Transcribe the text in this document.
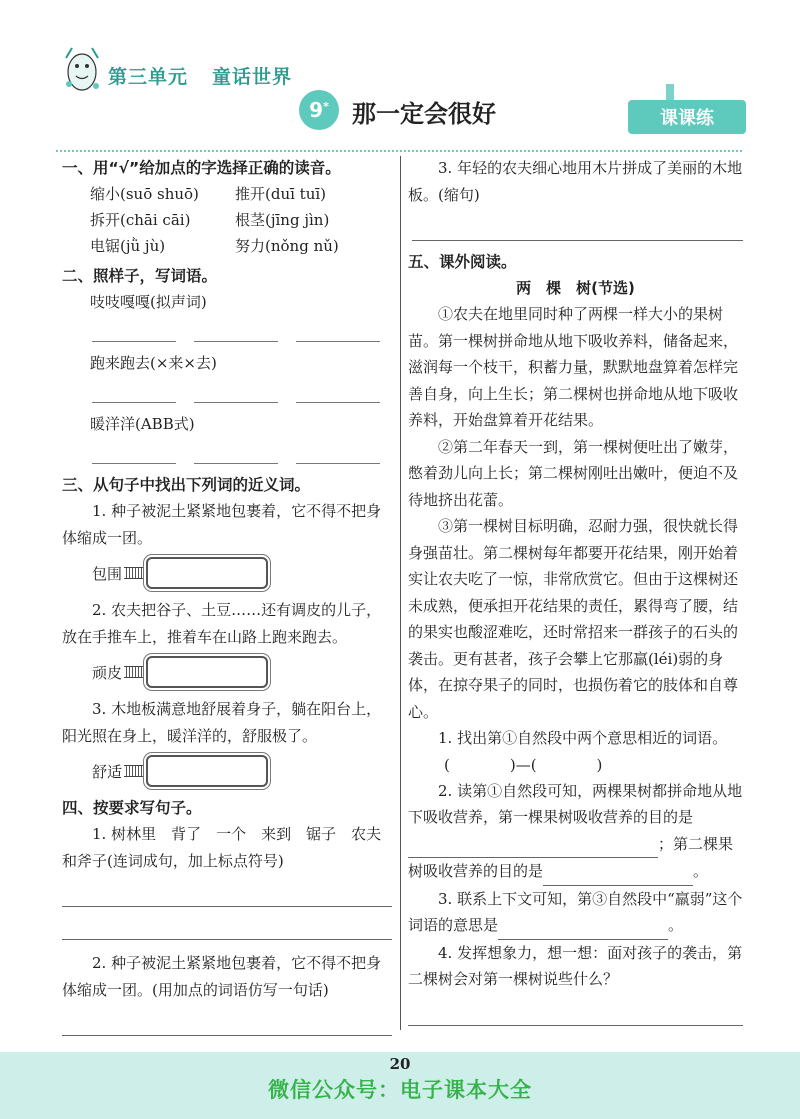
第三单元 童话世界
9* 那一定会很好	课课练
一、用“√”给加点的字选择正确的读音。
缩小(suō shuō)	推开(duī tuī)
拆开(chāi cāi)	根茎(jīng jìn)
电锯(jǜ jù)	努力(nǒng nǔ)
二、照样子，写词语。
吱吱嘎嘎(拟声词)
跑来跑去(×来×去)
暖洋洋(ABB式)
三、从句子中找出下列词的近义词。

1. 种子被泥土紧紧地包裹着，它不得不把身体缩成一团。

包围

2. 农夫把谷子、土豆……还有调皮的儿子，放在手推车上，推着车在山路上跑来跑去。

顽皮

3. 木地板满意地舒展着身子，躺在阳台上，阳光照在身上，暖洋洋的，舒服极了。

舒适
四、按要求写句子。

1. 树林里　背了　一个　来到　锯子　农夫　和斧子(连词成句，加上标点符号)

2. 种子被泥土紧紧地包裹着，它不得不把身体缩成一团。(用加点的词语仿写一句话)

3. 年轻的农夫细心地用木片拼成了美丽的木地板。(缩句)

五、课外阅读。
两　棵　树(节选)

①农夫在地里同时种了两棵一样大小的果树苗。第一棵树拼命地从地下吸收养料，储备起来，滋润每一个枝干，积蓄力量，默默地盘算着怎样完善自身，向上生长；第二棵树也拼命地从地下吸收养料，开始盘算着开花结果。

②第二年春天一到，第一棵树便吐出了嫩芽，憋着劲儿向上长；第二棵树刚吐出嫩叶，便迫不及待地挤出花蕾。

③第一棵树目标明确，忍耐力强，很快就长得身强苗壮。第二棵树每年都要开花结果，刚开始着实让农夫吃了一惊，非常欣赏它。但由于这棵树还未成熟，便承担开花结果的责任，累得弯了腰，结的果实也酸涩难吃，还时常招来一群孩子的石头的袭击。更有甚者，孩子会攀上它那羸(léi)弱的身体，在掠夺果子的同时，也损伤着它的肢体和自尊心。

1. 找出第①自然段中两个意思相近的词语。

(　　　　)—(　　　　)

2. 读第①自然段可知，两棵果树都拼命地从地下吸收营养，第一棵果树吸收营养的目的是 ；第二棵果树吸收营养的目的是	。

3. 联系上下文可知，第③自然段中“羸弱”这个词语的意思是	。

4. 发挥想象力，想一想：面对孩子的袭击，第二棵树会对第一棵树说些什么？

20
微信公众号：电子课本大全
